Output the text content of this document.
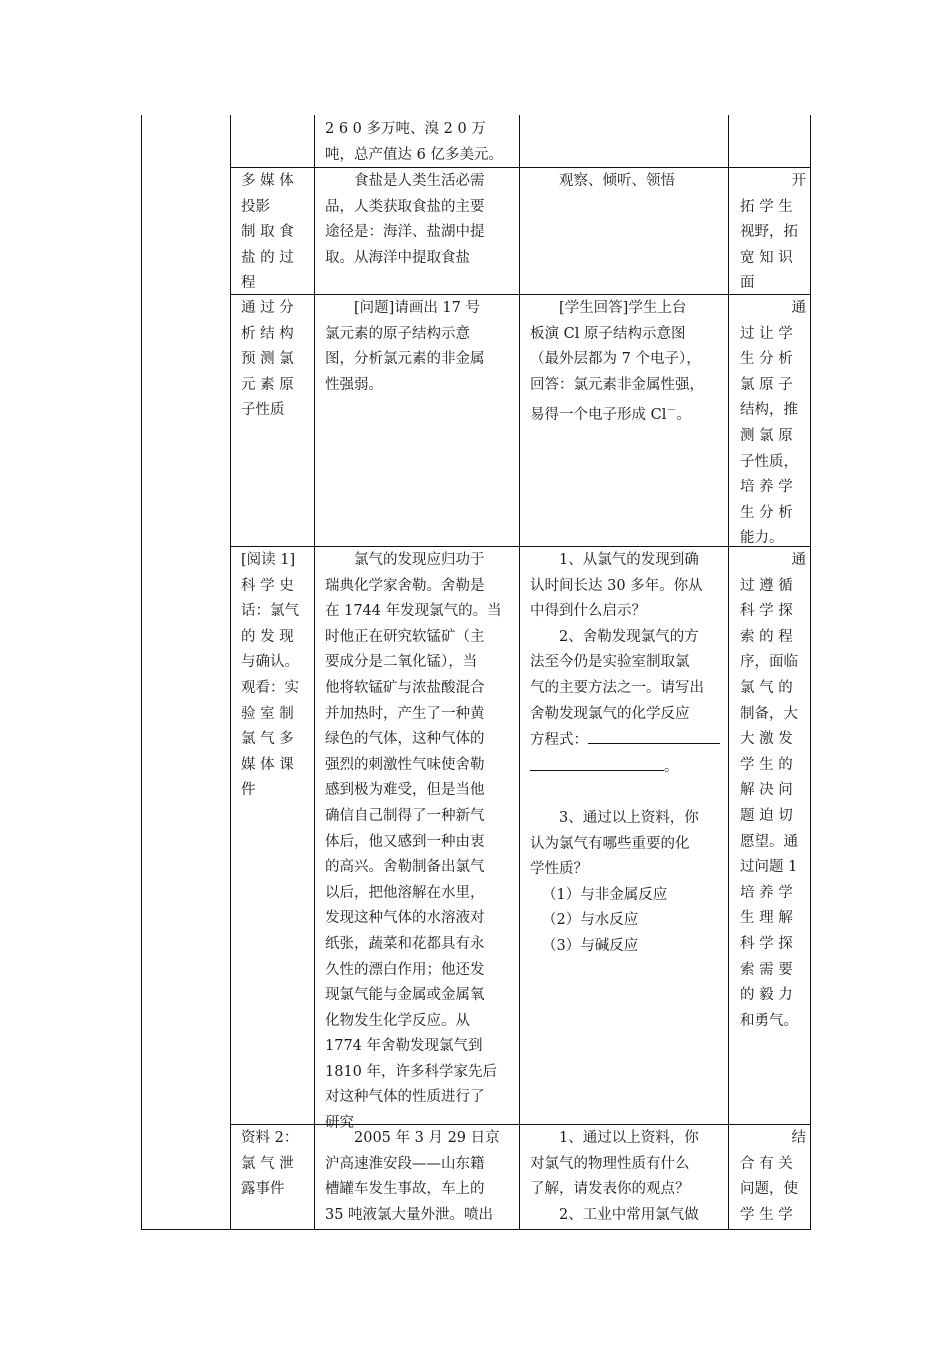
2 6 0 多万吨、溴 2 0 万
吨，总产值达 6 亿多美元。
多 媒 体
投影
制 取 食
盐 的 过
程
食盐是人类生活必需
品，人类获取食盐的主要
途径是：海洋、盐湖中提
取。从海洋中提取食盐
观察、倾听、领悟	开
拓 学 生
视野，拓
宽 知 识
面
通 过 分
析 结 构
预 测 氯
元 素 原
子性质
[问题]请画出 17 号
氯元素的原子结构示意
图，分析氯元素的非金属
性强弱。
[学生回答]学生上台
板演 Cl 原子结构示意图
（最外层都为 7 个电子），
回答：氯元素非金属性强，
易得一个电子形成 Cl－。
通
过 让 学
生 分 析
氯 原 子
结构，推
测 氯 原
子性质，
培 养 学
生 分 析
能力。
[阅读 1]
科 学 史
话：氯气
的 发 现
与确认。
观看：实
验 室 制
氯 气 多
媒 体 课
件
氯气的发现应归功于
瑞典化学家舍勒。舍勒是
在 1744 年发现氯气的。当
时他正在研究软锰矿（主
要成分是二氧化锰），当
他将软锰矿与浓盐酸混合
并加热时，产生了一种黄
绿色的气体，这种气体的
强烈的刺激性气味使舍勒
感到极为难受，但是当他
确信自己制得了一种新气
体后，他又感到一种由衷
的高兴。舍勒制备出氯气
以后，把他溶解在水里，
发现这种气体的水溶液对
纸张，蔬菜和花都具有永
久性的漂白作用；他还发
现氯气能与金属或金属氧
化物发生化学反应。从
1774 年舍勒发现氯气到
1810 年，许多科学家先后
对这种气体的性质进行了
研究
1、从氯气的发现到确
认时间长达 30 多年。你从
中得到什么启示？
2、舍勒发现氯气的方
法至今仍是实验室制取氯
气的主要方法之一。请写出
舍勒发现氯气的化学反应
方程式：
。

3、通过以上资料，你
认为氯气有哪些重要的化
学性质？
（1）与非金属反应
（2）与水反应
（3）与碱反应
通
过 遵 循
科 学 探
索 的 程
序，面临
氯 气 的
制备，大
大 激 发
学 生 的
解 决 问
题 迫 切
愿望。通
过问题 1
培 养 学
生 理 解
科 学 探
索 需 要
的 毅 力
和勇气。
资料 2：
氯 气 泄
露事件
2005 年 3 月 29 日京
沪高速淮安段——山东籍
槽罐车发生事故，车上的
35 吨液氯大量外泄。喷出
1、通过以上资料，你
对氯气的物理性质有什么
了解，请发表你的观点？
2、工业中常用氯气做
结
合 有 关
问题，使
学 生 学
